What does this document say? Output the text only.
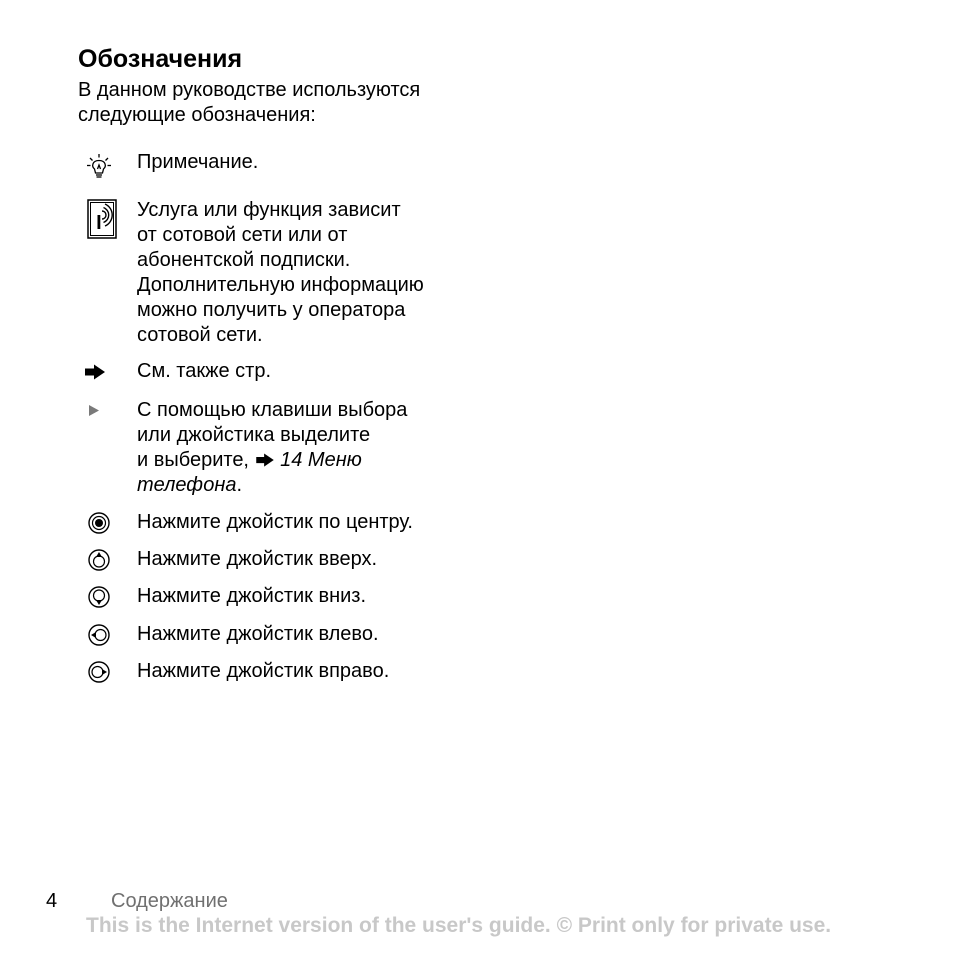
Обозначения

В данном руководстве используются
следующие обозначения:

Примечание.

Услуга или функция зависит
от сотовой сети или от
абонентской подписки.
Дополнительную информацию
можно получить у оператора
сотовой сети.

См. также стр.

С помощью клавиши выбора
или джойстика выделите
и выберите, 14 Меню
телефона.

Нажмите джойстик по центру.

Нажмите джойстик вверх.

Нажмите джойстик вниз.

Нажмите джойстик влево.

Нажмите джойстик вправо.

4	Содержание
This is the Internet version of the user's guide. © Print only for private use.
